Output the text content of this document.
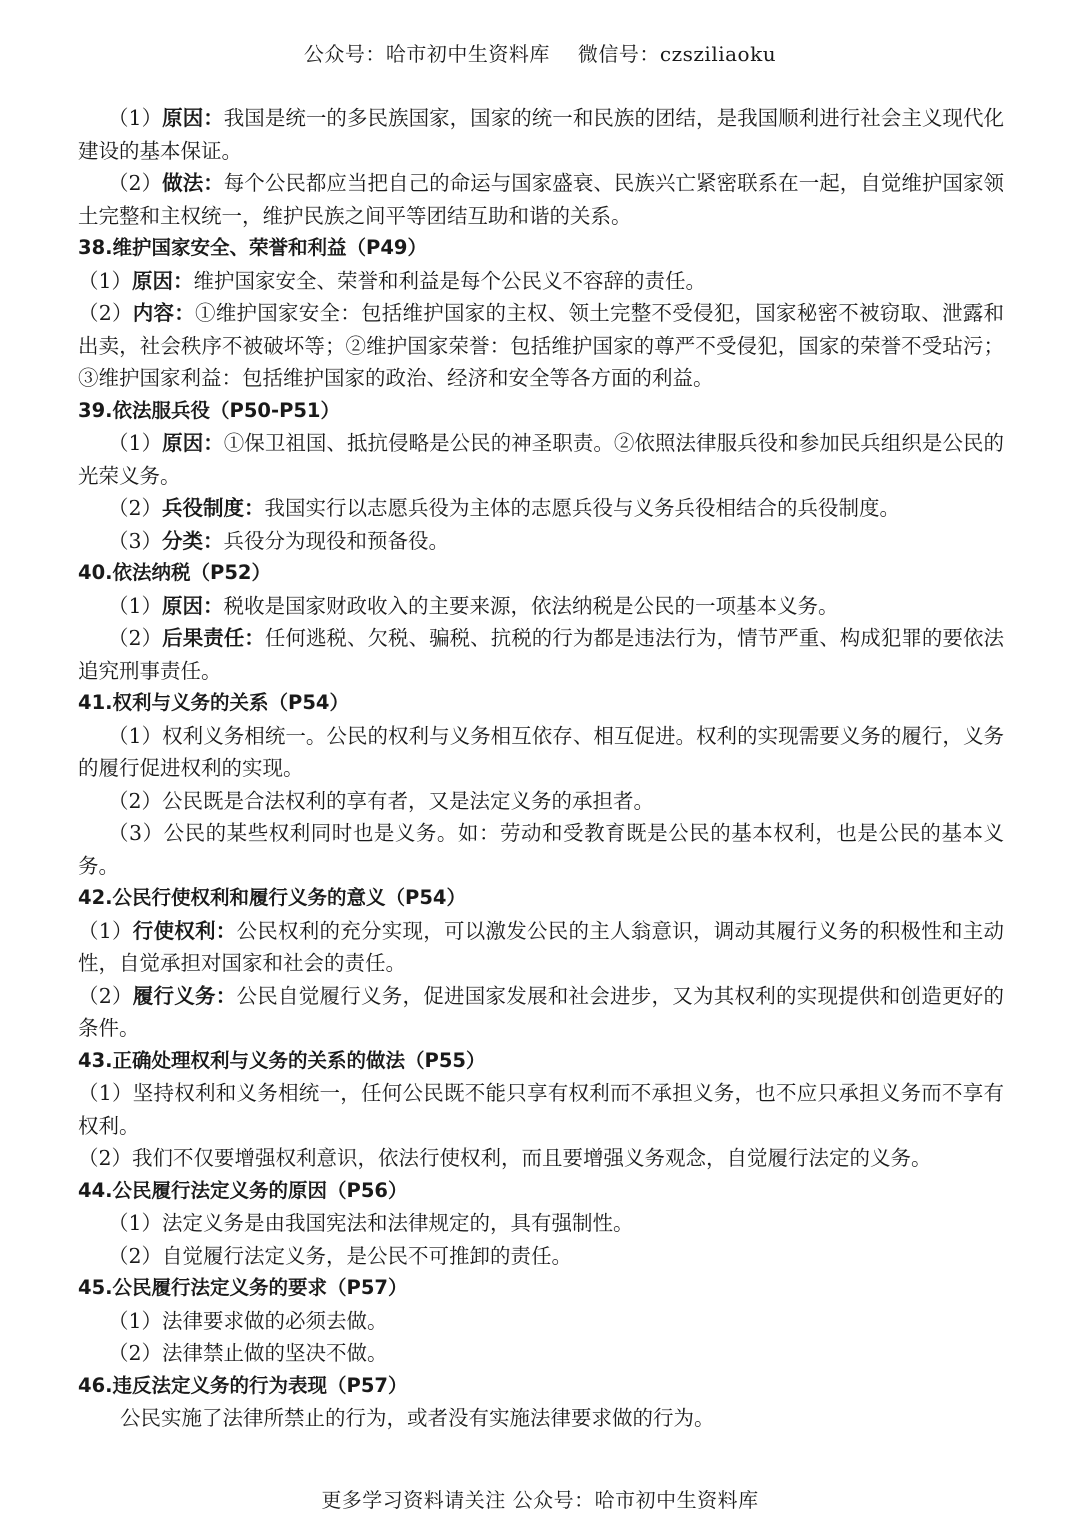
公众号：哈市初中生资料库 微信号：czsziliaoku

（1）原因：我国是统一的多民族国家，国家的统一和民族的团结，是我国顺利进行社会主义现代化建设的基本保证。

（2）做法：每个公民都应当把自己的命运与国家盛衰、民族兴亡紧密联系在一起，自觉维护国家领土完整和主权统一，维护民族之间平等团结互助和谐的关系。

38.维护国家安全、荣誉和利益（P49）

（1）原因：维护国家安全、荣誉和利益是每个公民义不容辞的责任。

（2）内容：①维护国家安全：包括维护国家的主权、领土完整不受侵犯，国家秘密不被窃取、泄露和出卖，社会秩序不被破坏等；②维护国家荣誉：包括维护国家的尊严不受侵犯，国家的荣誉不受玷污；③维护国家利益：包括维护国家的政治、经济和安全等各方面的利益。

39.依法服兵役（P50-P51）

（1）原因：①保卫祖国、抵抗侵略是公民的神圣职责。②依照法律服兵役和参加民兵组织是公民的光荣义务。

（2）兵役制度：我国实行以志愿兵役为主体的志愿兵役与义务兵役相结合的兵役制度。

（3）分类：兵役分为现役和预备役。

40.依法纳税（P52）

（1）原因：税收是国家财政收入的主要来源，依法纳税是公民的一项基本义务。

（2）后果责任：任何逃税、欠税、骗税、抗税的行为都是违法行为，情节严重、构成犯罪的要依法追究刑事责任。

41.权利与义务的关系（P54）

（1）权利义务相统一。公民的权利与义务相互依存、相互促进。权利的实现需要义务的履行，义务的履行促进权利的实现。

（2）公民既是合法权利的享有者，又是法定义务的承担者。

（3）公民的某些权利同时也是义务。如：劳动和受教育既是公民的基本权利，也是公民的基本义务。

42.公民行使权利和履行义务的意义（P54）

（1）行使权利：公民权利的充分实现，可以激发公民的主人翁意识，调动其履行义务的积极性和主动性，自觉承担对国家和社会的责任。

（2）履行义务：公民自觉履行义务，促进国家发展和社会进步，又为其权利的实现提供和创造更好的条件。

43.正确处理权利与义务的关系的做法（P55）

（1）坚持权利和义务相统一，任何公民既不能只享有权利而不承担义务，也不应只承担义务而不享有权利。

（2）我们不仅要增强权利意识，依法行使权利，而且要增强义务观念，自觉履行法定的义务。

44.公民履行法定义务的原因（P56）

（1）法定义务是由我国宪法和法律规定的，具有强制性。

（2）自觉履行法定义务，是公民不可推卸的责任。

45.公民履行法定义务的要求（P57）

（1）法律要求做的必须去做。

（2）法律禁止做的坚决不做。

46.违反法定义务的行为表现（P57）

公民实施了法律所禁止的行为，或者没有实施法律要求做的行为。

更多学习资料请关注 公众号：哈市初中生资料库
